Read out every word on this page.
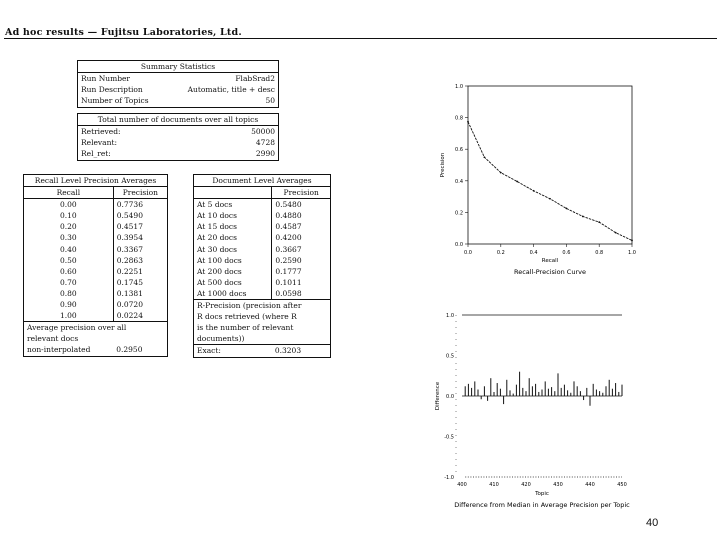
Ad hoc results — Fujitsu Laboratories, Ltd.
Summary Statistics
Run Number	FlabSrad2
Run Description	Automatic, title + desc
Number of Topics	50
Total number of documents over all topics
Retrieved:	50000
Relevant:	4728
Rel_ret:	2990
Recall Level Precision Averages	
Recall	Precision
0.00	0.7736
0.10	0.5490
0.20	0.4517
0.30	0.3954
0.40	0.3367
0.50	0.2863
0.60	0.2251
0.70	0.1745
0.80	0.1381
0.90	0.0720
1.00	0.0224
Average precision over all	
relevant docs	
non-interpolated	0.2950
Document Level Averages	
	Precision
At 5 docs	0.5480
At 10 docs	0.4880
At 15 docs	0.4587
At 20 docs	0.4200
At 30 docs	0.3667
At 100 docs	0.2590
At 200 docs	0.1777
At 500 docs	0.1011
At 1000 docs	0.0598
R-Precision (precision after	
R docs retrieved (where R	
is the number of relevant	
documents))	
Exact:	0.3203
0.0	0.2	0.4	0.6	0.8	1.0
0.0
0.2
0.4
0.6
0.8
1.0
Recall
Precision
Recall-Precision Curve
1.0
0.5
0.0
-0.5
-1.0
400	410	420	430	440	450
Topic
Difference
Difference from Median in Average Precision per Topic
40
